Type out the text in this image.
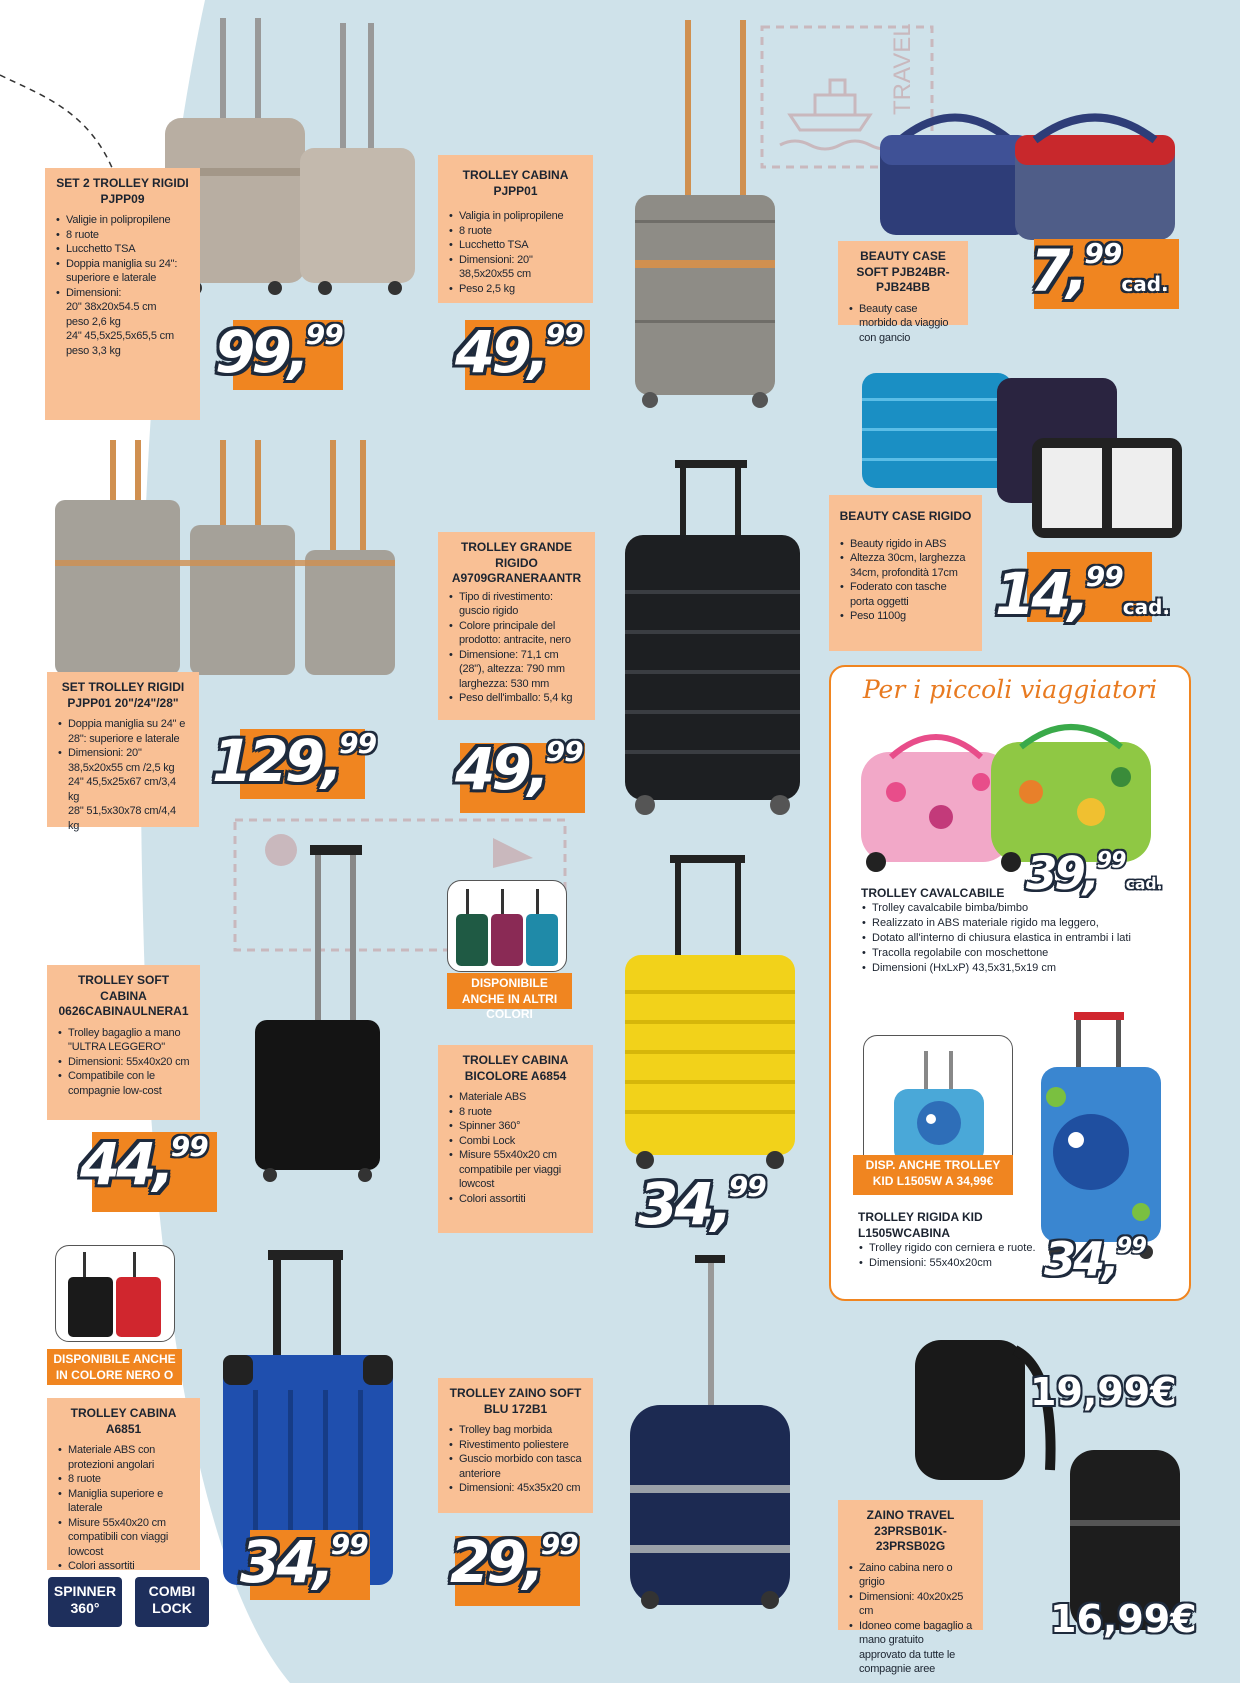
TRAVEL
SET 2 TROLLEY RIGIDI PJPP09
• Valigie in polipropilene
• 8 ruote
• Lucchetto TSA
• Doppia maniglia su 24": superiore e laterale
• Dimensioni:
20" 38x20x54.5 cm
peso 2,6 kg
24" 45,5x25,5x65,5 cm
peso 3,3 kg	99,99
TROLLEY CABINA PJPP01
• Valigia in polipropilene
• 8 ruote
• Lucchetto TSA
• Dimensioni: 20" 38,5x20x55 cm
• Peso 2,5 kg
49,99
BEAUTY CASE SOFT PJB24BR-PJB24BB
• Beauty case morbido da viaggio con gancio
7,99cad.
SET TROLLEY RIGIDI PJPP01 20"/24"/28"
• Doppia maniglia su 24" e 28": superiore e laterale
• Dimensioni: 20" 38,5x20x55 cm /2,5 kg
24" 45,5x25x67 cm/3,4 kg
28" 51,5x30x78 cm/4,4 kg
129,99
TROLLEY GRANDE RIGIDO A9709GRANERAANTR
• Tipo di rivestimento: guscio rigido
• Colore principale del prodotto: antracite, nero
• Dimensione: 71,1 cm (28"), altezza: 790 mm larghezza: 530 mm
• Peso dell'imballo: 5,4 kg
49,99
BEAUTY CASE RIGIDO
• Beauty rigido in ABS
• Altezza 30cm, larghezza 34cm, profondità 17cm
• Foderato con tasche porta oggetti
• Peso 1100g	14,99cad.
TROLLEY SOFT CABINA 0626CABINAULNERA1
• Trolley bagaglio a mano "ULTRA LEGGERO"
• Dimensioni: 55x40x20 cm
• Compatibile con le compagnie low-cost
44,99
DISPONIBILE ANCHE IN ALTRI COLORI
TROLLEY CABINA BICOLORE A6854
• Materiale ABS
• 8 ruote
• Spinner 360°
• Combi Lock
• Misure 55x40x20 cm compatibile per viaggi lowcost
• Colori assortiti	34,99
DISPONIBILE ANCHE IN COLORE NERO O ROSSO
TROLLEY CABINA A6851
• Materiale ABS con protezioni angolari
• 8 ruote
• Maniglia superiore e laterale
• Misure 55x40x20 cm compatibili con viaggi lowcost
• Colori assortiti
SPINNER 360°
COMBI LOCK
34,99
TROLLEY ZAINO SOFT BLU 172B1
• Trolley bag morbida
• Rivestimento poliestere
• Guscio morbido con tasca anteriore
• Dimensioni: 45x35x20 cm
29,99
Per i piccoli viaggiatori
39,99cad.
TROLLEY CAVALCABILE
• Trolley cavalcabile bimba/bimbo
• Realizzato in ABS materiale rigido ma leggero,
• Dotato all'interno di chiusura elastica in entrambi i lati
• Tracolla regolabile con moschettone
• Dimensioni (HxLxP) 43,5x31,5x19 cm
DISP. ANCHE TROLLEY KID L1505W A 34,99€
TROLLEY RIGIDA KID L1505WCABINA
• Trolley rigido con cerniera e ruote.
• Dimensioni: 55x40x20cm 34,99
19,99€
ZAINO TRAVEL 23PRSB01K-23PRSB02G
• Zaino cabina nero o grigio
• Dimensioni: 40x20x25 cm
• Idoneo come bagaglio a mano gratuito approvato da tutte le compagnie aree
16,99€
